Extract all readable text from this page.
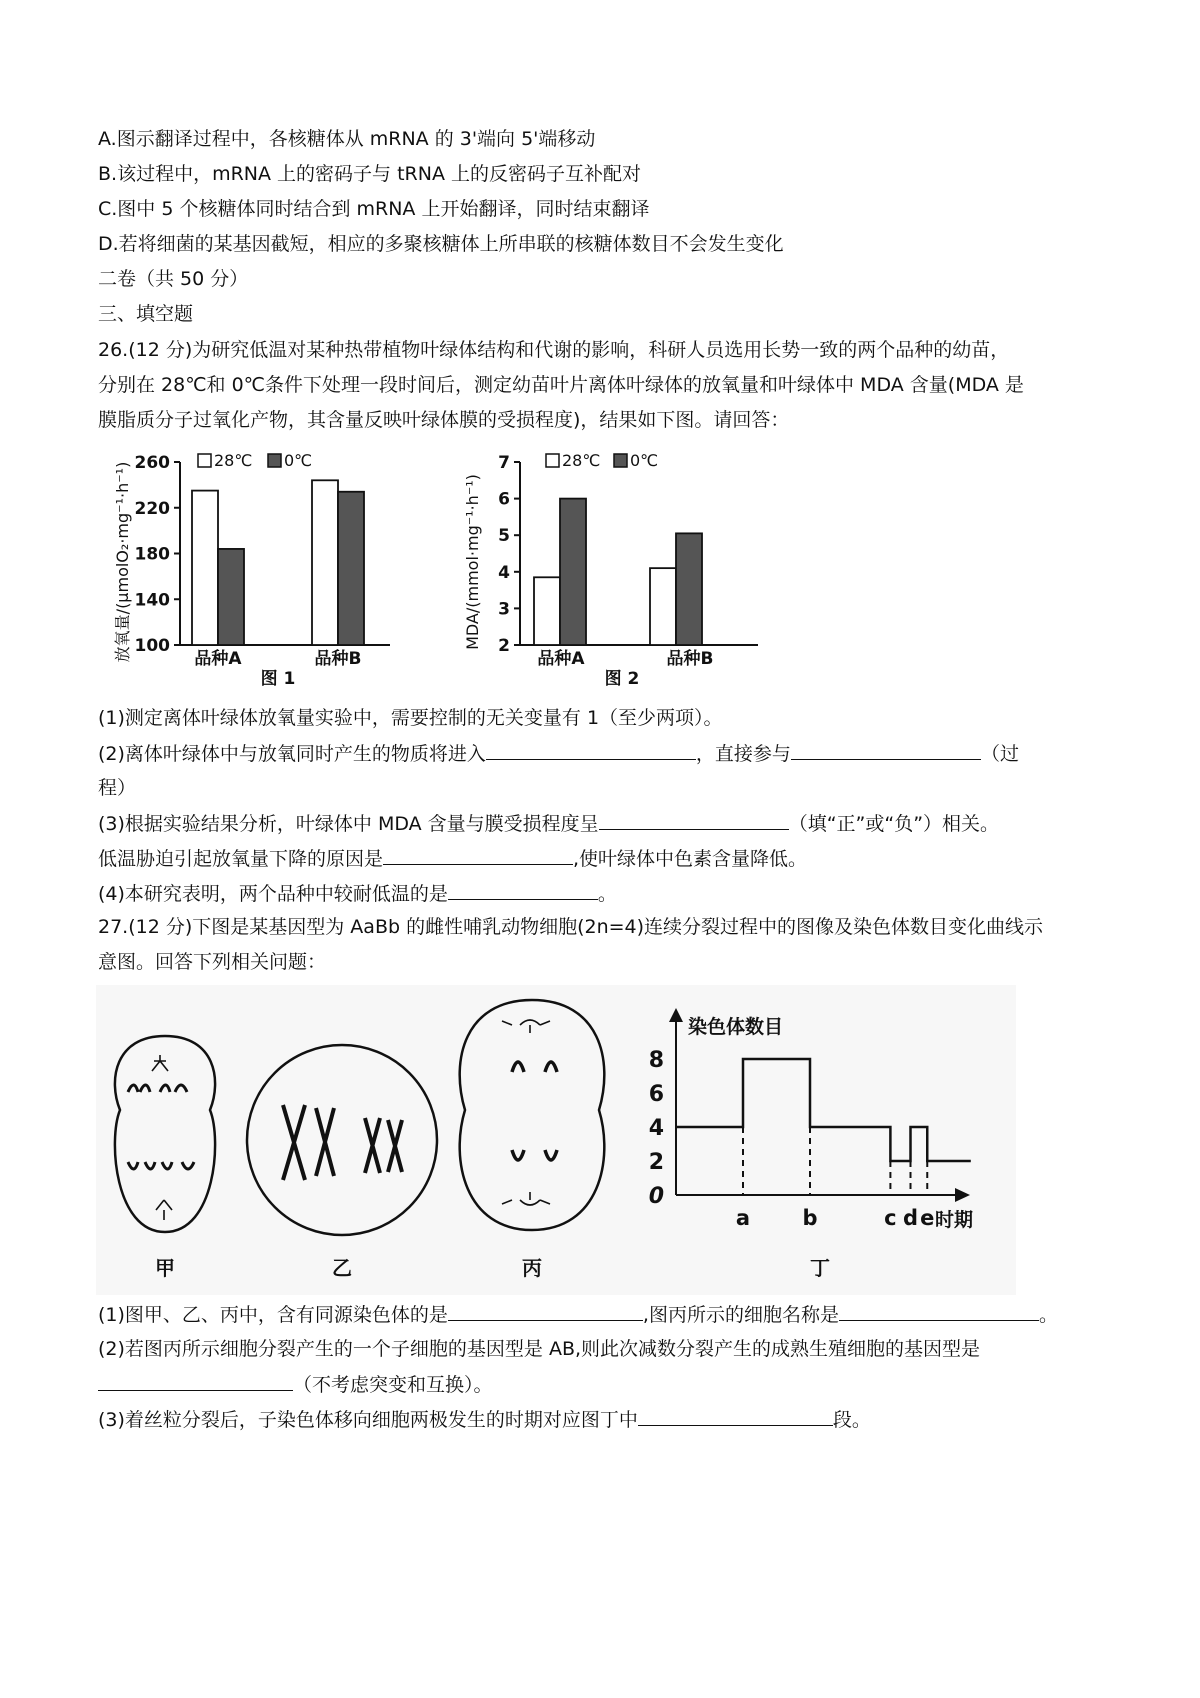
A.图示翻译过程中，各核糖体从 mRNA 的 3'端向 5'端移动
B.该过程中，mRNA 上的密码子与 tRNA 上的反密码子互补配对
C.图中 5 个核糖体同时结合到 mRNA 上开始翻译，同时结束翻译
D.若将细菌的某基因截短，相应的多聚核糖体上所串联的核糖体数目不会发生变化
二卷（共 50 分）
三、填空题
26.(12 分)为研究低温对某种热带植物叶绿体结构和代谢的影响，科研人员选用长势一致的两个品种的幼苗，
分别在 28℃和 0℃条件下处理一段时间后，测定幼苗叶片离体叶绿体的放氧量和叶绿体中 MDA 含量(MDA 是
膜脂质分子过氧化产物，其含量反映叶绿体膜的受损程度)，结果如下图。请回答：
放氧量/(μmolO₂·mg⁻¹·h⁻¹) 100
140
180
220
260	28℃ 0℃
品种A	品种B
图 1
MDA/(mmol·mg⁻¹·h⁻¹) 2
3
4
5
6
7	28℃ 0℃
品种A	品种B
图 2
(1)测定离体叶绿体放氧量实验中，需要控制的无关变量有 1（至少两项）。
(2)离体叶绿体中与放氧同时产生的物质将进入	，直接参与	（过
程）
(3)根据实验结果分析，叶绿体中 MDA 含量与膜受损程度呈	（填“正”或“负”）相关。
低温胁迫引起放氧量下降的原因是	,使叶绿体中色素含量降低。
(4)本研究表明，两个品种中较耐低温的是	。
27.(12 分)下图是某基因型为 AaBb 的雌性哺乳动物细胞(2n=4)连续分裂过程中的图像及染色体数目变化曲线示
意图。回答下列相关问题：
甲	乙	丙
染色体数目
时期
0
2
4
6
8
a b	c d e
丁
(1)图甲、乙、丙中，含有同源染色体的是	,图丙所示的细胞名称是	。
(2)若图丙所示细胞分裂产生的一个子细胞的基因型是 AB,则此次减数分裂产生的成熟生殖细胞的基因型是
（不考虑突变和互换）。
(3)着丝粒分裂后，子染色体移向细胞两极发生的时期对应图丁中	段。
